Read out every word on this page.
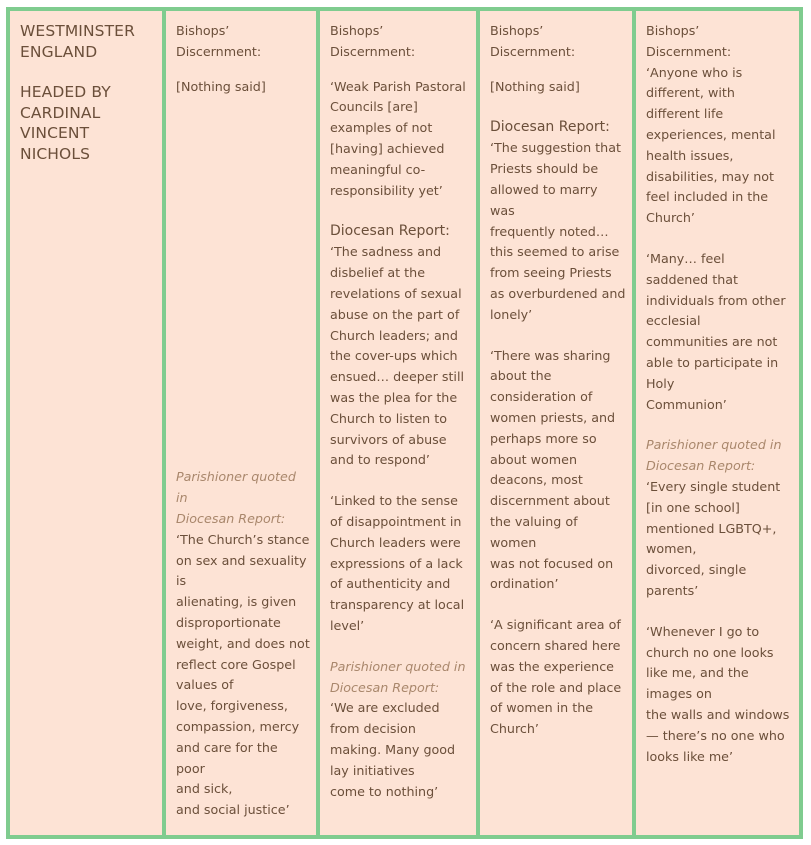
WESTMINSTER

ENGLAND

HEADED BY

CARDINAL

VINCENT

NICHOLS

Bishops’
Discernment:

[Nothing said]

Parishioner quoted in
Diocesan Report:

‘The Church’s stance
on sex and sexuality is
alienating, is given
disproportionate
weight, and does not
reflect core Gospel
values of
love, forgiveness,
compassion, mercy
and care for the poor
and sick,
and social justice’

Bishops’
Discernment:

‘Weak Parish Pastoral
Councils [are]
examples of not
[having] achieved
meaningful co-
responsibility yet’

Diocesan Report:

‘The sadness and
disbelief at the
revelations of sexual
abuse on the part of
Church leaders; and
the cover-ups which
ensued… deeper still
was the plea for the
Church to listen to
survivors of abuse
and to respond’

‘Linked to the sense
of disappointment in
Church leaders were
expressions of a lack
of authenticity and
transparency at local
level’

Parishioner quoted in
Diocesan Report:

‘We are excluded
from decision
making. Many good
lay initiatives
come to nothing’

Bishops’
Discernment:

[Nothing said]

Diocesan Report:

‘The suggestion that
Priests should be
allowed to marry was
frequently noted…
this seemed to arise
from seeing Priests
as overburdened and
lonely’

‘There was sharing
about the
consideration of
women priests, and
perhaps more so
about women
deacons, most
discernment about
the valuing of women
was not focused on
ordination’

‘A significant area of
concern shared here
was the experience
of the role and place
of women in the
Church’

Bishops’
Discernment:

‘Anyone who is
different, with
different life
experiences, mental
health issues,
disabilities, may not
feel included in the
Church’

‘Many… feel
saddened that
individuals from other
ecclesial
communities are not
able to participate in
Holy
Communion’

Parishioner quoted in
Diocesan Report:

‘Every single student
[in one school]
mentioned LGBTQ+,
women,
divorced, single
parents’

‘Whenever I go to
church no one looks
like me, and the
images on
the walls and windows
— there’s no one who
looks like me’
